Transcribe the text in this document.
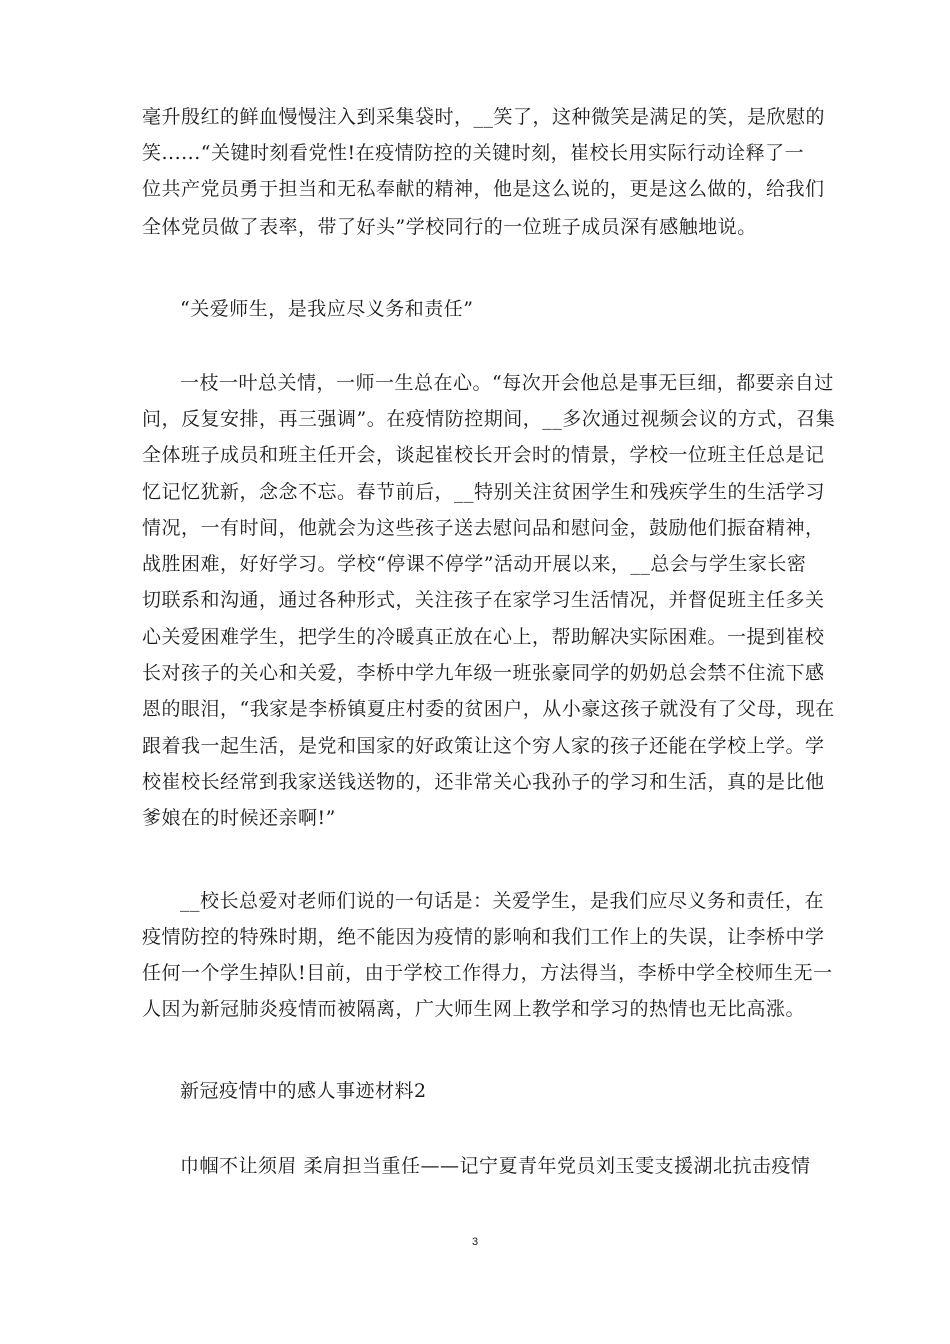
毫升殷红的鲜血慢慢注入到采集袋时，__笑了，这种微笑是满足的笑，是欣慰的
笑......“关键时刻看党性!在疫情防控的关键时刻，崔校长用实际行动诠释了一
位共产党员勇于担当和无私奉献的精神，他是这么说的，更是这么做的，给我们
全体党员做了表率，带了好头”学校同行的一位班子成员深有感触地说。
“关爱师生，是我应尽义务和责任”
一枝一叶总关情，一师一生总在心。“每次开会他总是事无巨细，都要亲自过
问，反复安排，再三强调”。在疫情防控期间，__多次通过视频会议的方式，召集
全体班子成员和班主任开会，谈起崔校长开会时的情景，学校一位班主任总是记
忆记忆犹新，念念不忘。春节前后，__特别关注贫困学生和残疾学生的生活学习
情况，一有时间，他就会为这些孩子送去慰问品和慰问金，鼓励他们振奋精神，
战胜困难，好好学习。学校“停课不停学”活动开展以来，__总会与学生家长密
切联系和沟通，通过各种形式，关注孩子在家学习生活情况，并督促班主任多关
心关爱困难学生，把学生的冷暖真正放在心上，帮助解决实际困难。一提到崔校
长对孩子的关心和关爱，李桥中学九年级一班张豪同学的奶奶总会禁不住流下感
恩的眼泪，“我家是李桥镇夏庄村委的贫困户，从小豪这孩子就没有了父母，现在
跟着我一起生活，是党和国家的好政策让这个穷人家的孩子还能在学校上学。学
校崔校长经常到我家送钱送物的，还非常关心我孙子的学习和生活，真的是比他
爹娘在的时候还亲啊!”
__校长总爱对老师们说的一句话是：关爱学生，是我们应尽义务和责任，在
疫情防控的特殊时期，绝不能因为疫情的影响和我们工作上的失误，让李桥中学
任何一个学生掉队!目前，由于学校工作得力，方法得当，李桥中学全校师生无一
人因为新冠肺炎疫情而被隔离，广大师生网上教学和学习的热情也无比高涨。
新冠疫情中的感人事迹材料2
巾帼不让须眉 柔肩担当重任——记宁夏青年党员刘玉雯支援湖北抗击疫情
3
